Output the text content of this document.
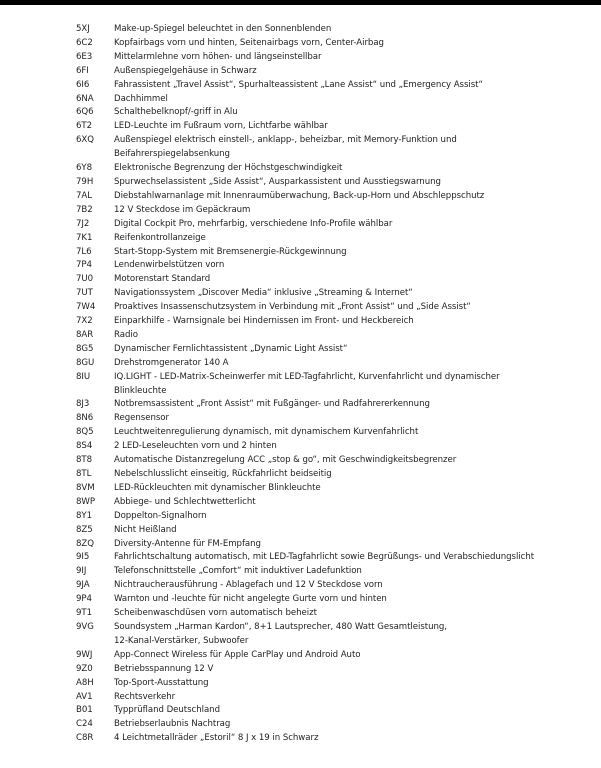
5XJ	Make-up-Spiegel beleuchtet in den Sonnenblenden
6C2	Kopfairbags vorn und hinten, Seitenairbags vorn, Center-Airbag
6E3	Mittelarmlehne vorn höhen- und längseinstellbar
6FI	Außenspiegelgehäuse in Schwarz
6I6	Fahrassistent „Travel Assist“, Spurhalteassistent „Lane Assist“ und „Emergency Assist“
6NA	Dachhimmel
6Q6	Schalthebelknopf/-griff in Alu
6T2	LED-Leuchte im Fußraum vorn, Lichtfarbe wählbar
6XQ	Außenspiegel elektrisch einstell-, anklapp-, beheizbar, mit Memory-Funktion und
Beifahrerspiegelabsenkung
6Y8	Elektronische Begrenzung der Höchstgeschwindigkeit
79H	Spurwechselassistent „Side Assist“, Ausparkassistent und Ausstiegswarnung
7AL	Diebstahlwarnanlage mit Innenraumüberwachung, Back-up-Horn und Abschleppschutz
7B2	12 V Steckdose im Gepäckraum
7J2	Digital Cockpit Pro, mehrfarbig, verschiedene Info-Profile wählbar
7K1	Reifenkontrollanzeige
7L6	Start-Stopp-System mit Bremsenergie-Rückgewinnung
7P4	Lendenwirbelstützen vorn
7U0	Motorenstart Standard
7UT	Navigationssystem „Discover Media“ inklusive „Streaming & Internet“
7W4	Proaktives Insassenschutzsystem in Verbindung mit „Front Assist“ und „Side Assist“
7X2	Einparkhilfe - Warnsignale bei Hindernissen im Front- und Heckbereich
8AR	Radio
8G5	Dynamischer Fernlichtassistent „Dynamic Light Assist“
8GU	Drehstromgenerator 140 A
8IU	IQ.LIGHT - LED-Matrix-Scheinwerfer mit LED-Tagfahrlicht, Kurvenfahrlicht und dynamischer
Blinkleuchte
8J3	Notbremsassistent „Front Assist“ mit Fußgänger- und Radfahrererkennung
8N6	Regensensor
8Q5	Leuchtweitenregulierung dynamisch, mit dynamischem Kurvenfahrlicht
8S4	2 LED-Leseleuchten vorn und 2 hinten
8T8	Automatische Distanzregelung ACC „stop & go“, mit Geschwindigkeitsbegrenzer
8TL	Nebelschlusslicht einseitig, Rückfahrlicht beidseitig
8VM	LED-Rückleuchten mit dynamischer Blinkleuchte
8WP	Abbiege- und Schlechtwetterlicht
8Y1	Doppelton-Signalhorn
8Z5	Nicht Heißland
8ZQ	Diversity-Antenne für FM-Empfang
9I5	Fahrlichtschaltung automatisch, mit LED-Tagfahrlicht sowie Begrüßungs- und Verabschiedungslicht
9IJ	Telefonschnittstelle „Comfort“ mit induktiver Ladefunktion
9JA	Nichtraucherausführung - Ablagefach und 12 V Steckdose vorn
9P4	Warnton und -leuchte für nicht angelegte Gurte vorn und hinten
9T1	Scheibenwaschdüsen vorn automatisch beheizt
9VG	Soundsystem „Harman Kardon“, 8+1 Lautsprecher, 480 Watt Gesamtleistung,
12-Kanal-Verstärker, Subwoofer
9WJ	App-Connect Wireless für Apple CarPlay und Android Auto
9Z0	Betriebsspannung 12 V
A8H	Top-Sport-Ausstattung
AV1	Rechtsverkehr
B01	Typprüfland Deutschland
C24	Betriebserlaubnis Nachtrag
C8R	4 Leichtmetallräder „Estoril“ 8 J x 19 in Schwarz
